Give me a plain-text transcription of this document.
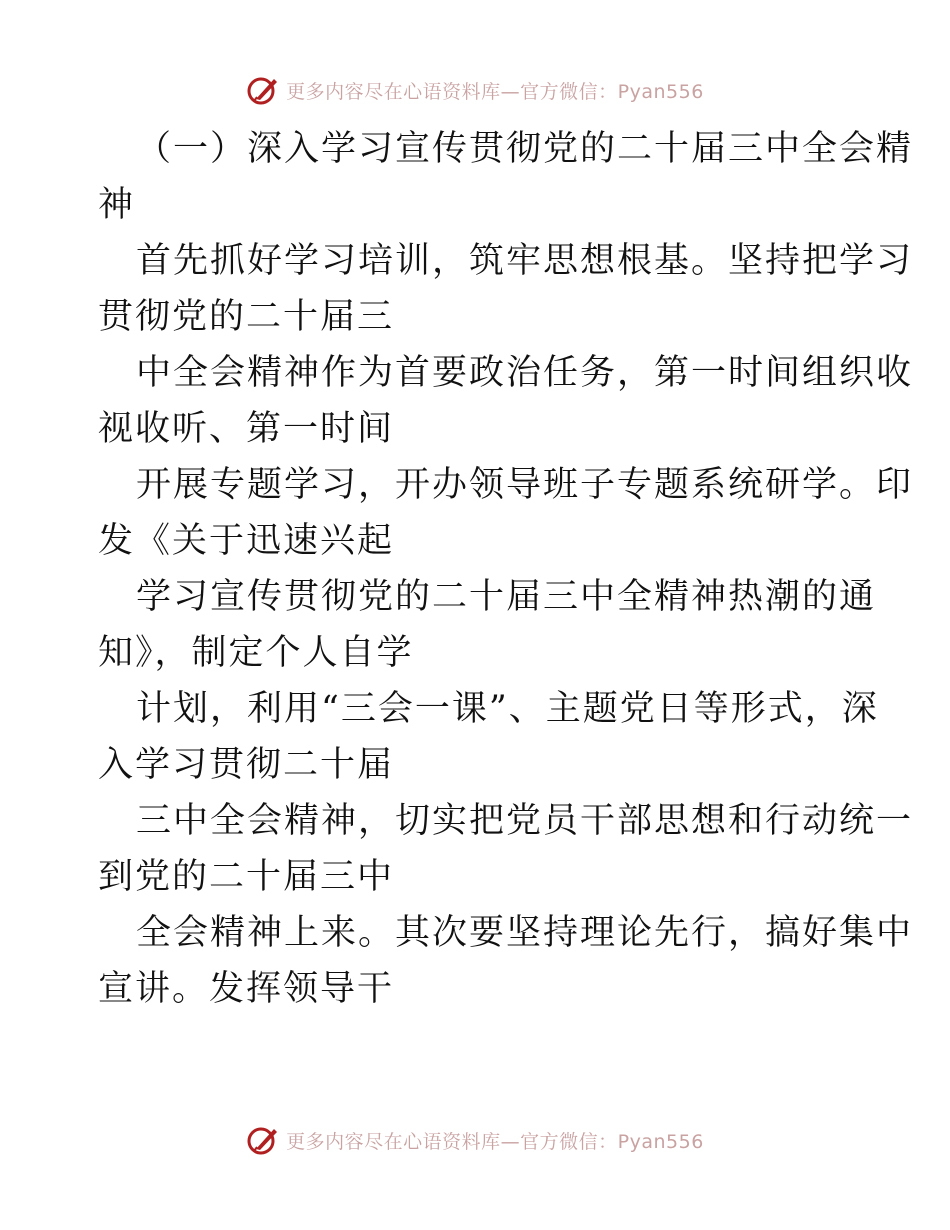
更多内容尽在心语资料库—官方微信：Pyan556
（一）深入学习宣传贯彻党的二十届三中全会精
神
首先抓好学习培训，筑牢思想根基。坚持把学习
贯彻党的二十届三
中全会精神作为首要政治任务，第一时间组织收
视收听、第一时间
开展专题学习，开办领导班子专题系统研学。印
发《关于迅速兴起
学习宣传贯彻党的二十届三中全精神热潮的通
知》，制定个人自学
计划，利用“三会一课”、主题党日等形式，深
入学习贯彻二十届
三中全会精神，切实把党员干部思想和行动统一
到党的二十届三中
全会精神上来。其次要坚持理论先行，搞好集中
宣讲。发挥领导干
更多内容尽在心语资料库—官方微信：Pyan556
